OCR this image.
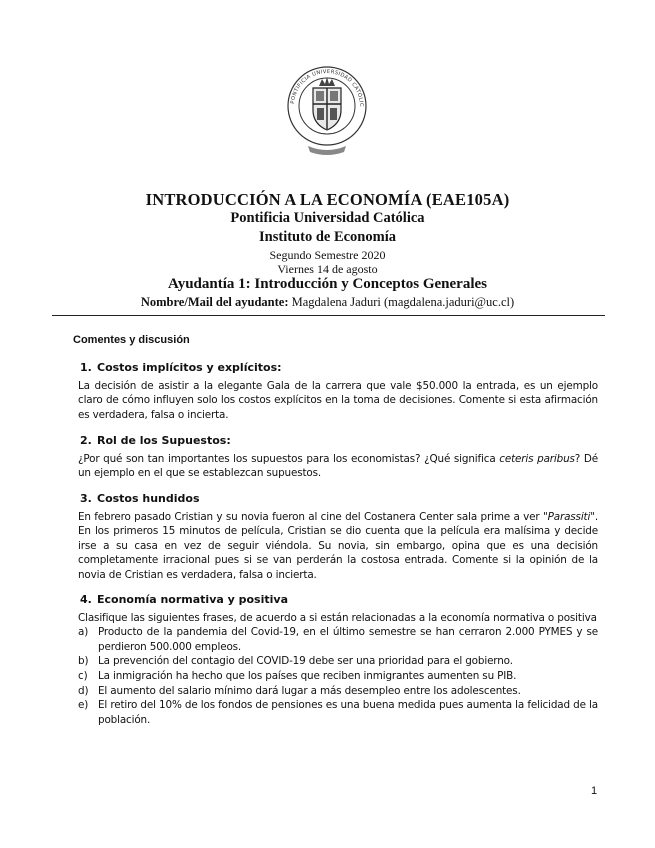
PONTIFICIA UNIVERSIDAD CATÓLIC
INTRODUCCIÓN A LA ECONOMÍA (EAE105A)
Pontificia Universidad Católica
Instituto de Economía
Segundo Semestre 2020
Viernes 14 de agosto
Ayudantía 1: Introducción y Conceptos Generales
Nombre/Mail del ayudante: Magdalena Jaduri (magdalena.jaduri@uc.cl)
Comentes y discusión
1. Costos implícitos y explícitos:
La decisión de asistir a la elegante Gala de la carrera que vale $50.000 la entrada, es un ejemplo claro de cómo influyen solo los costos explícitos en la toma de decisiones. Comente si esta afirmación es verdadera, falsa o incierta.
2. Rol de los Supuestos:
¿Por qué son tan importantes los supuestos para los economistas? ¿Qué significa ceteris paribus? Dé un ejemplo en el que se establezcan supuestos.
3. Costos hundidos
En febrero pasado Cristian y su novia fueron al cine del Costanera Center sala prime a ver "Parassiti". En los primeros 15 minutos de película, Cristian se dio cuenta que la película era malísima y decide irse a su casa en vez de seguir viéndola. Su novia, sin embargo, opina que es una decisión completamente irracional pues si se van perderán la costosa entrada. Comente si la opinión de la novia de Cristian es verdadera, falsa o incierta.
4. Economía normativa y positiva
Clasifique las siguientes frases, de acuerdo a si están relacionadas a la economía normativa o positiva
a) Producto de la pandemia del Covid-19, en el último semestre se han cerraron 2.000 PYMES y se perdieron 500.000 empleos.
b) La prevención del contagio del COVID-19 debe ser una prioridad para el gobierno.
c) La inmigración ha hecho que los países que reciben inmigrantes aumenten su PIB.
d) El aumento del salario mínimo dará lugar a más desempleo entre los adolescentes.
e) El retiro del 10% de los fondos de pensiones es una buena medida pues aumenta la felicidad de la población.
1
